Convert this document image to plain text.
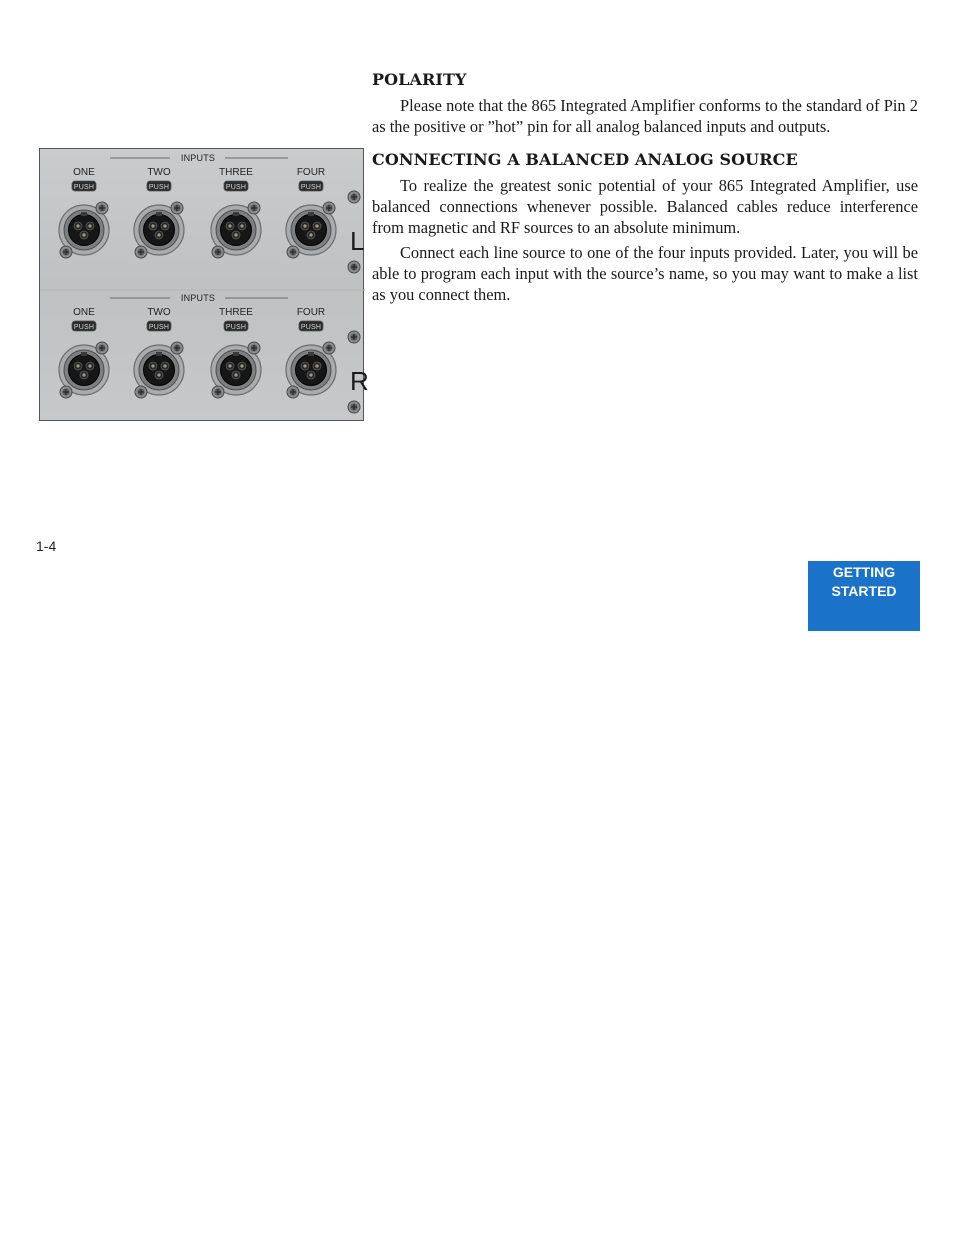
INPUTS
ONE
PUSH
TWO
PUSH
THREE
PUSH
FOUR
PUSH
L
INPUTS
ONE
PUSH
TWO
PUSH
THREE
PUSH
FOUR
PUSH
R
POLARITY

Please note that the 865 Integrated Amplifier conforms to the standard of Pin 2 as the positive or ”hot” pin for all analog balanced inputs and outputs.

CONNECTING A BALANCED ANALOG SOURCE

To realize the greatest sonic potential of your 865 Integrated Amplifier, use balanced connections whenever possible. Balanced cables reduce interference from magnetic and RF sources to an absolute minimum.

Connect each line source to one of the four inputs provided. Later, you will be able to program each input with the source’s name, so you may want to make a list as you connect them.

1-4
GETTING
STARTED
